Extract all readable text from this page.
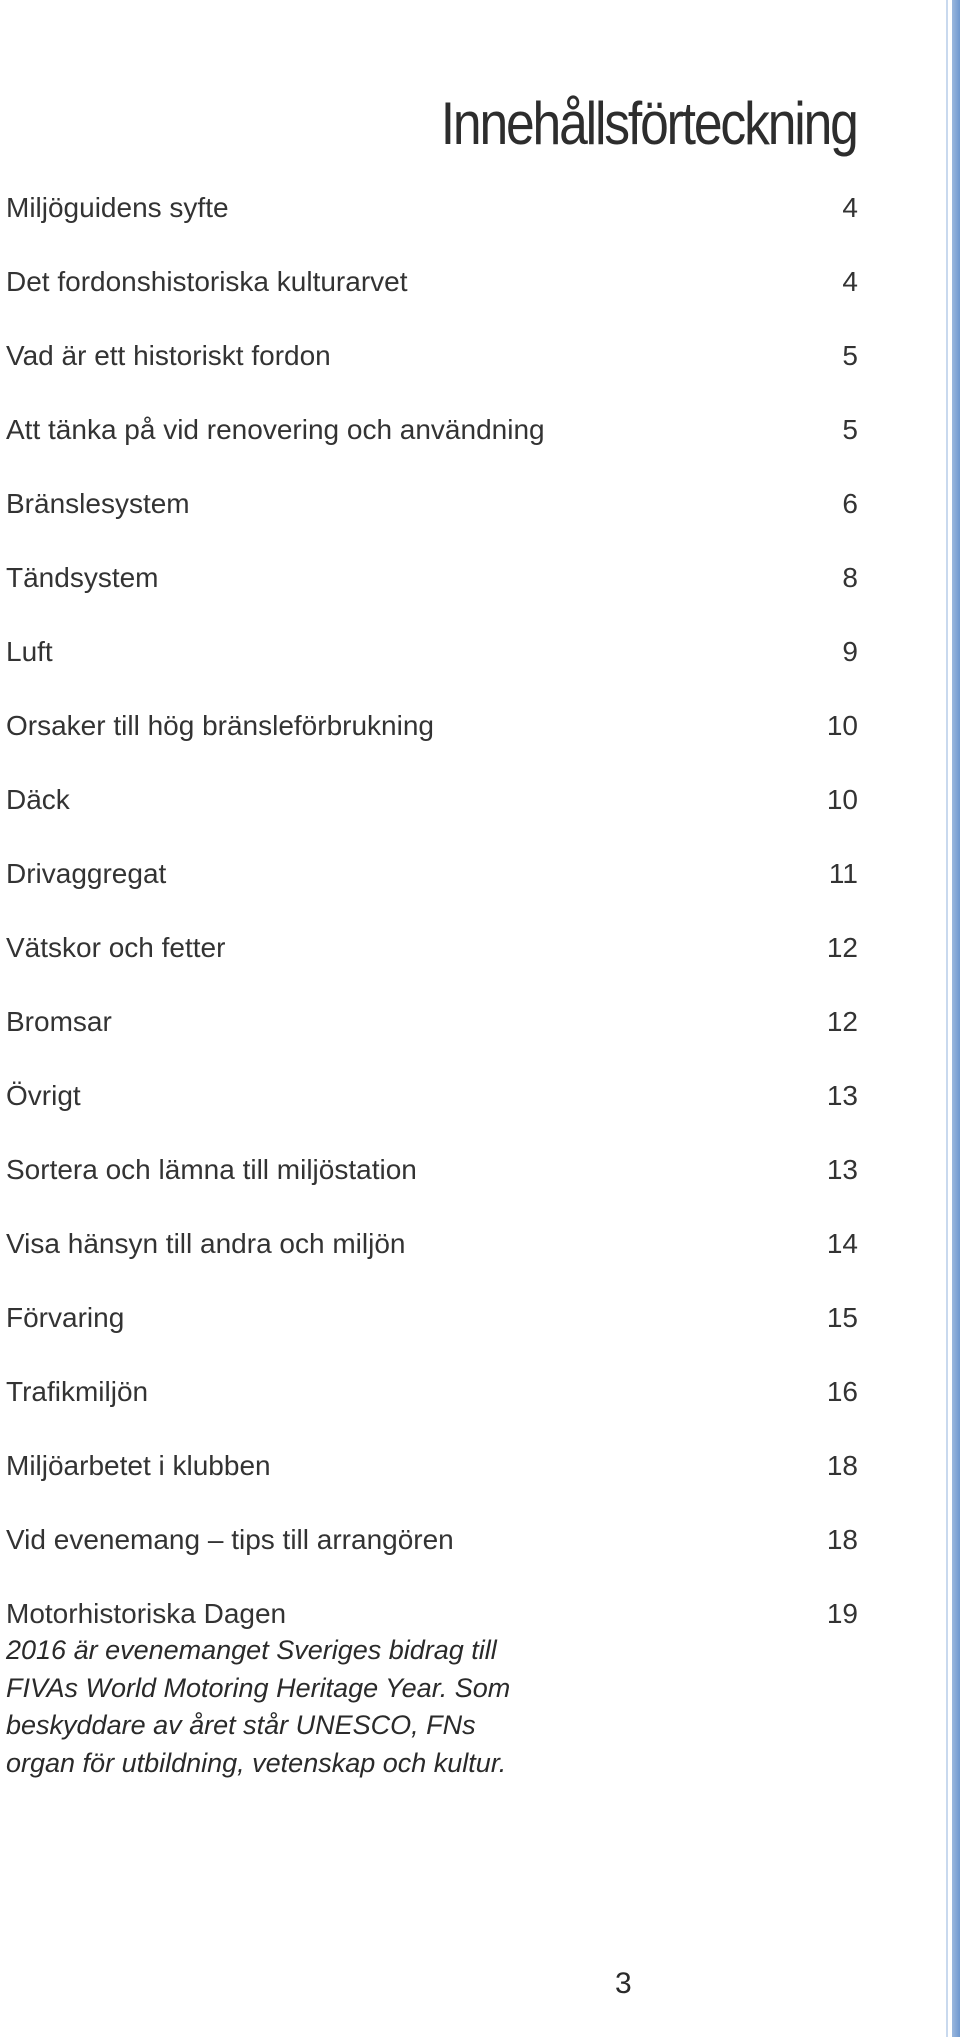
Innehållsförteckning
Miljöguidens syfte	4
Det fordonshistoriska kulturarvet	4
Vad är ett historiskt fordon	5
Att tänka på vid renovering och användning	5
Bränslesystem	6
Tändsystem	8
Luft	9
Orsaker till hög bränsleförbrukning	10
Däck	10
Drivaggregat	11
Vätskor och fetter	12
Bromsar	12
Övrigt	13
Sortera och lämna till miljöstation	13
Visa hänsyn till andra och miljön	14
Förvaring	15
Trafikmiljön	16
Miljöarbetet i klubben	18
Vid evenemang – tips till arrangören	18
Motorhistoriska Dagen	19
2016 är evenemanget Sveriges bidrag till
FIVAs World Motoring Heritage Year. Som
beskyddare av året står UNESCO, FNs
organ för utbildning, vetenskap och kultur.
3
